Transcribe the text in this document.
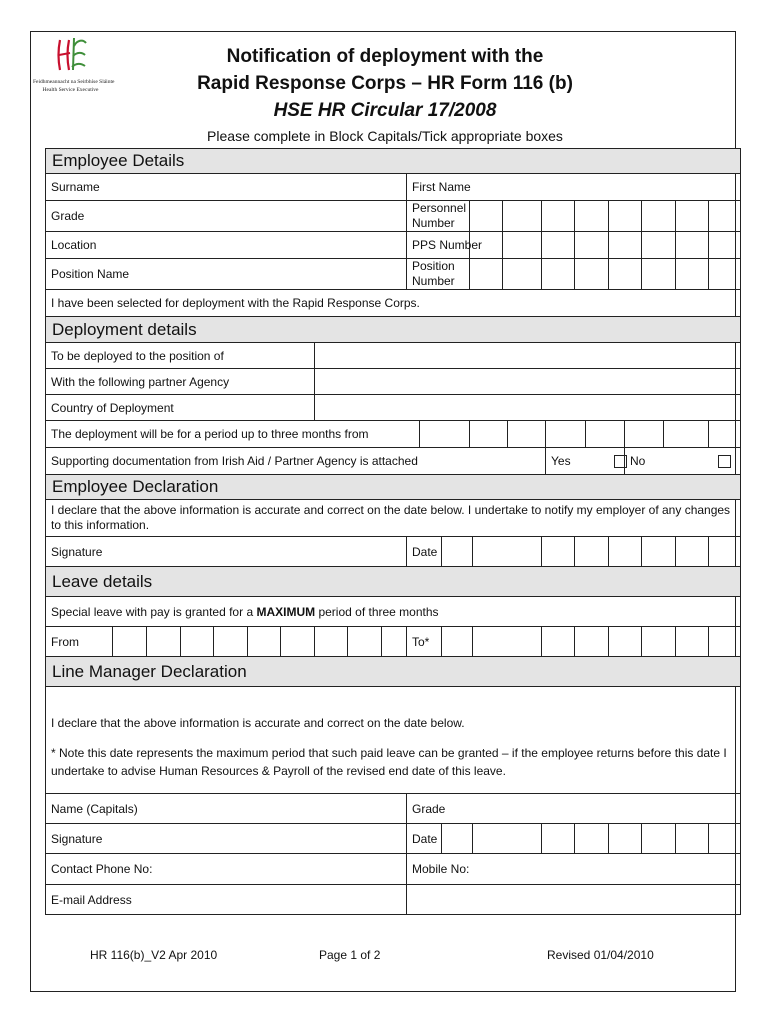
Feidhmeannacht na Seirbhíse Sláinte
Health Service Executive
Notification of deployment with the
Rapid Response Corps – HR Form 116 (b)
HSE HR Circular 17/2008
Please complete in Block Capitals/Tick appropriate boxes
Employee Details																										
Surname										First Name																
Grade										Personnel Number																
Location										PPS Number																
Position Name										Position Number																
I have been selected for deployment with the Rapid Response Corps.																										
Deployment details																										
To be deployed to the position of																										
With the following partner Agency																										
Country of Deployment																										
The deployment will be for a period up to three months from																										
Supporting documentation from Irish Aid / Partner Agency is attached																		Yes				No				
Employee Declaration																										
I declare that the above information is accurate and correct on the date below. I undertake to notify my employer of any changes to this information.																										
Signature										Date																
Leave details																										
Special leave with pay is granted for a MAXIMUM period of three months																										
From										To*																
Line Manager Declaration																										

I declare that the above information is accurate and correct on the date below.
* Note this date represents the maximum period that such paid leave can be granted – if the employee returns before this date I undertake to advise Human Resources & Payroll of the revised end date of this leave.																										

Name (Capitals)										Grade																
Signature										Date																
Contact Phone No:										Mobile No:																
E-mail Address																										
HR 116(b)_V2 Apr 2010	Page 1 of 2	Revised 01/04/2010
